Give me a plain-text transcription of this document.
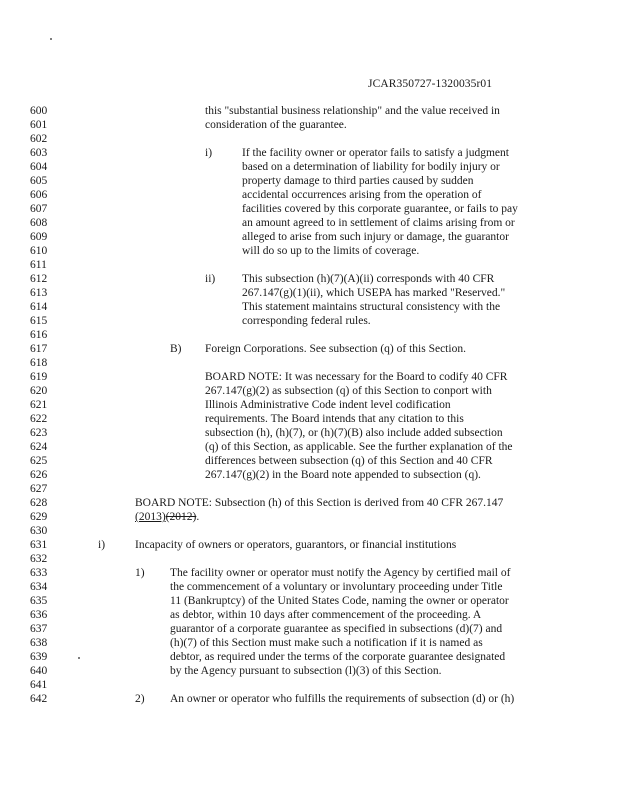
JCAR350727-1320035r01
600
601
602
603
604
605
606
607
608
609
610
611
612
613
614
615
616
617
618
619
620
621
622
623
624
625
626
627
628
629
630
631
632
633
634
635
636
637
638
639
640
641
642
this "substantial business relationship" and the value received in
consideration of the guarantee.
i)	If the facility owner or operator fails to satisfy a judgment
based on a determination of liability for bodily injury or
property damage to third parties caused by sudden
accidental occurrences arising from the operation of
facilities covered by this corporate guarantee, or fails to pay
an amount agreed to in settlement of claims arising from or
alleged to arise from such injury or damage, the guarantor
will do so up to the limits of coverage.
ii) This subsection (h)(7)(A)(ii) corresponds with 40 CFR
267.147(g)(1)(ii), which USEPA has marked "Reserved."
This statement maintains structural consistency with the
corresponding federal rules.
B) Foreign Corporations. See subsection (q) of this Section.
BOARD NOTE: It was necessary for the Board to codify 40 CFR
267.147(g)(2) as subsection (q) of this Section to conport with
Illinois Administrative Code indent level codification
requirements. The Board intends that any citation to this
subsection (h), (h)(7), or (h)(7)(B) also include added subsection
(q) of this Section, as applicable. See the further explanation of the
differences between subsection (q) of this Section and 40 CFR
267.147(g)(2) in the Board note appended to subsection (q).
BOARD NOTE: Subsection (h) of this Section is derived from 40 CFR 267.147
(2013)(2012).
i)	Incapacity of owners or operators, guarantors, or financial institutions
1) The facility owner or operator must notify the Agency by certified mail of
the commencement of a voluntary or involuntary proceeding under Title
11 (Bankruptcy) of the United States Code, naming the owner or operator
as debtor, within 10 days after commencement of the proceeding. A
guarantor of a corporate guarantee as specified in subsections (d)(7) and
(h)(7) of this Section must make such a notification if it is named as
debtor, as required under the terms of the corporate guarantee designated
by the Agency pursuant to subsection (l)(3) of this Section.
2) An owner or operator who fulfills the requirements of subsection (d) or (h)
